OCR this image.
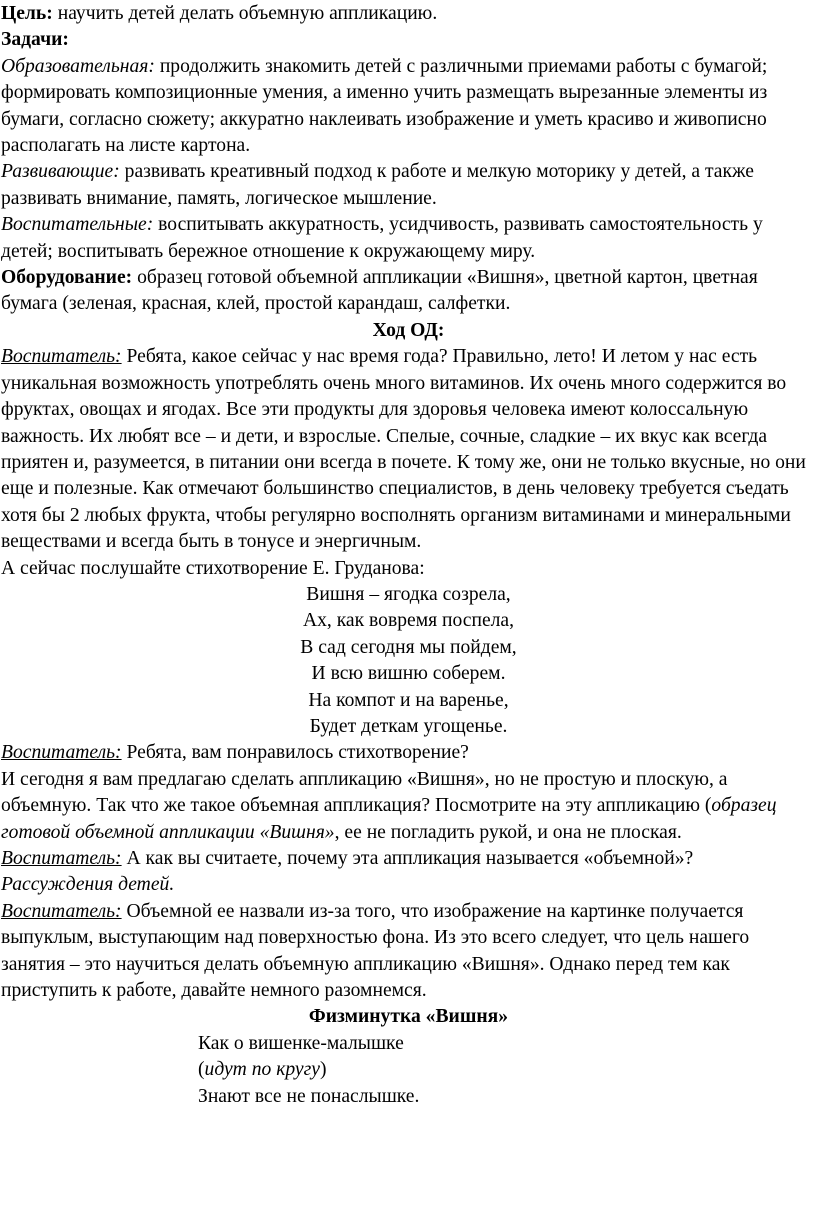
Цель: научить детей делать объемную аппликацию.

Задачи:

Образовательная: продолжить знакомить детей с различными приемами работы с бумагой; формировать композиционные умения, а именно учить размещать вырезанные элементы из бумаги, согласно сюжету; аккуратно наклеивать изображение и уметь красиво и живописно располагать на листе картона.

Развивающие: развивать креативный подход к работе и мелкую моторику у детей, а также развивать внимание, память, логическое мышление.

Воспитательные: воспитывать аккуратность, усидчивость, развивать самостоятельность у детей; воспитывать бережное отношение к окружающему миру.

Оборудование: образец готовой объемной аппликации «Вишня», цветной картон, цветная бумага (зеленая, красная, клей, простой карандаш, салфетки.

Ход ОД:

Воспитатель: Ребята, какое сейчас у нас время года? Правильно, лето! И летом у нас есть уникальная возможность употреблять очень много витаминов. Их очень много содержится во фруктах, овощах и ягодах. Все эти продукты для здоровья человека имеют колоссальную важность. Их любят все – и дети, и взрослые. Спелые, сочные, сладкие – их вкус как всегда приятен и, разумеется, в питании они всегда в почете. К тому же, они не только вкусные, но они еще и полезные. Как отмечают большинство специалистов, в день человеку требуется съедать хотя бы 2 любых фрукта, чтобы регулярно восполнять организм витаминами и минеральными веществами и всегда быть в тонусе и энергичным.

А сейчас послушайте стихотворение Е. Груданова:

Вишня – ягодка созрела,

Ах, как вовремя поспела,

В сад сегодня мы пойдем,

И всю вишню соберем.

На компот и на варенье,

Будет деткам угощенье.

Воспитатель: Ребята, вам понравилось стихотворение?

И сегодня я вам предлагаю сделать аппликацию «Вишня», но не простую и плоскую, а объемную. Так что же такое объемная аппликация? Посмотрите на эту аппликацию (образец готовой объемной аппликации «Вишня», ее не погладить рукой, и она не плоская.

Воспитатель: А как вы считаете, почему эта аппликация называется «объемной»?

Рассуждения детей.

Воспитатель: Объемной ее назвали из-за того, что изображение на картинке получается выпуклым, выступающим над поверхностью фона. Из это всего следует, что цель нашего занятия – это научиться делать объемную аппликацию «Вишня». Однако перед тем как приступить к работе, давайте немного разомнемся.

Физминутка «Вишня»

Как о вишенке-малышке

(идут по кругу)

Знают все не понаслышке.
